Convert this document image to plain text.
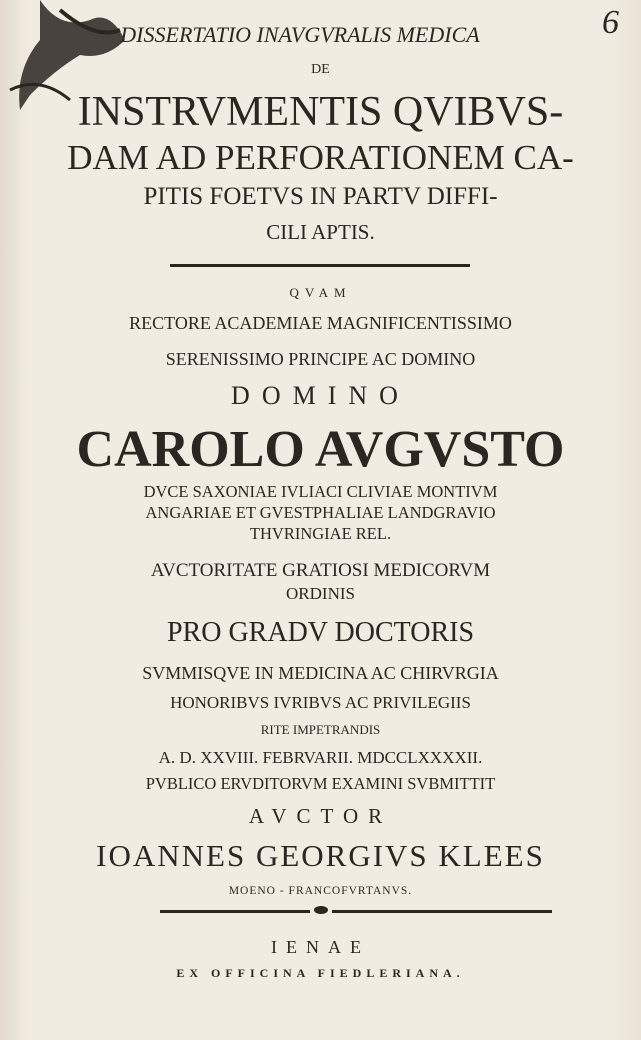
DISSERTATIO INAVGVRALIS MEDICA	6
DE
INSTRVMENTIS QVIBVS-
DAM AD PERFORATIONEM CA-
PITIS FOETVS IN PARTV DIFFI-
CILI APTIS.
QVAM
RECTORE ACADEMIAE MAGNIFICENTISSIMO
SERENISSIMO PRINCIPE AC DOMINO
DOMINO
CAROLO AVGVSTO
DVCE SAXONIAE IVLIACI CLIVIAE MONTIVM
ANGARIAE ET GVESTPHALIAE LANDGRAVIO
THVRINGIAE REL.
AVCTORITATE GRATIOSI MEDICORVM
ORDINIS
PRO GRADV DOCTORIS
SVMMISQVE IN MEDICINA AC CHIRVRGIA
HONORIBVS IVRIBVS AC PRIVILEGIIS
RITE IMPETRANDIS
A. D. XXVIII. FEBRVARII. MDCCLXXXXII.
PVBLICO ERVDITORVM EXAMINI SVBMITTIT
AVCTOR
IOANNES GEORGIVS KLEES
MOENO - FRANCOFVRTANVS.
IENAE
EX OFFICINA FIEDLERIANA.
